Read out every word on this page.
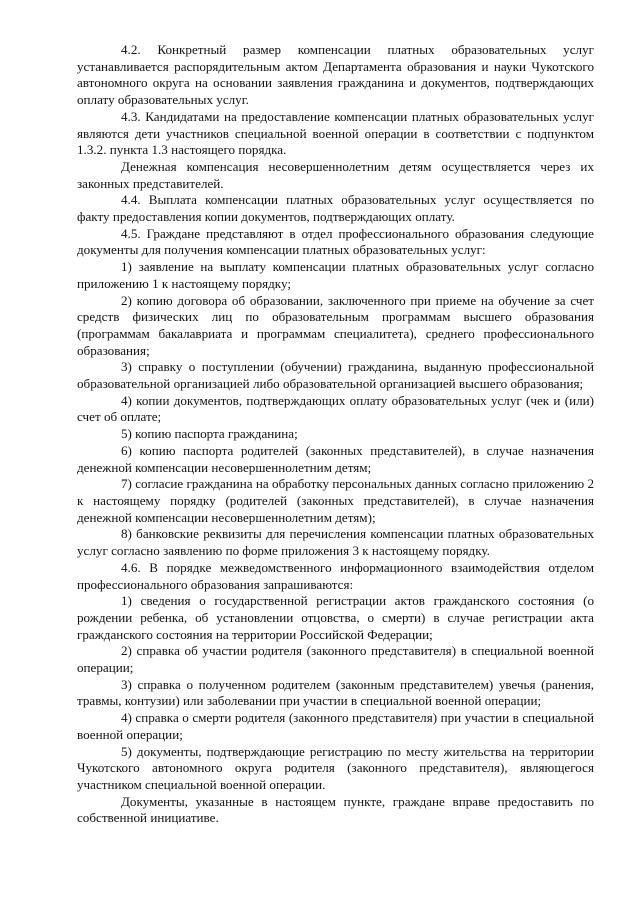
4.2. Конкретный размер компенсации платных образовательных услуг устанавливается распорядительным актом Департамента образования и науки Чукотского автономного округа на основании заявления гражданина и документов, подтверждающих оплату образовательных услуг.

4.3. Кандидатами на предоставление компенсации платных образовательных услуг являются дети участников специальной военной операции в соответствии с подпунктом 1.3.2. пункта 1.3 настоящего порядка.

Денежная компенсация несовершеннолетним детям осуществляется через их законных представителей.

4.4. Выплата компенсации платных образовательных услуг осуществляется по факту предоставления копии документов, подтверждающих оплату.

4.5. Граждане представляют в отдел профессионального образования следующие документы для получения компенсации платных образовательных услуг:

1) заявление на выплату компенсации платных образовательных услуг согласно приложению 1 к настоящему порядку;

2) копию договора об образовании, заключенного при приеме на обучение за счет средств физических лиц по образовательным программам высшего образования (программам бакалавриата и программам специалитета), среднего профессионального образования;

3) справку о поступлении (обучении) гражданина, выданную профессиональной образовательной организацией либо образовательной организацией высшего образования;

4) копии документов, подтверждающих оплату образовательных услуг (чек и (или) счет об оплате;

5) копию паспорта гражданина;

6) копию паспорта родителей (законных представителей), в случае назначения денежной компенсации несовершеннолетним детям;

7) согласие гражданина на обработку персональных данных согласно приложению 2 к настоящему порядку (родителей (законных представителей), в случае назначения денежной компенсации несовершеннолетним детям);

8) банковские реквизиты для перечисления компенсации платных образовательных услуг согласно заявлению по форме приложения 3 к настоящему порядку.

4.6. В порядке межведомственного информационного взаимодействия отделом профессионального образования запрашиваются:

1) сведения о государственной регистрации актов гражданского состояния (о рождении ребенка, об установлении отцовства, о смерти) в случае регистрации акта гражданского состояния на территории Российской Федерации;

2) справка об участии родителя (законного представителя) в специальной военной операции;

3) справка о полученном родителем (законным представителем) увечья (ранения, травмы, контузии) или заболевании при участии в специальной военной операции;

4) справка о смерти родителя (законного представителя) при участии в специальной военной операции;

5) документы, подтверждающие регистрацию по месту жительства на территории Чукотского автономного округа родителя (законного представителя), являющегося участником специальной военной операции.

Документы, указанные в настоящем пункте, граждане вправе предоставить по собственной инициативе.
